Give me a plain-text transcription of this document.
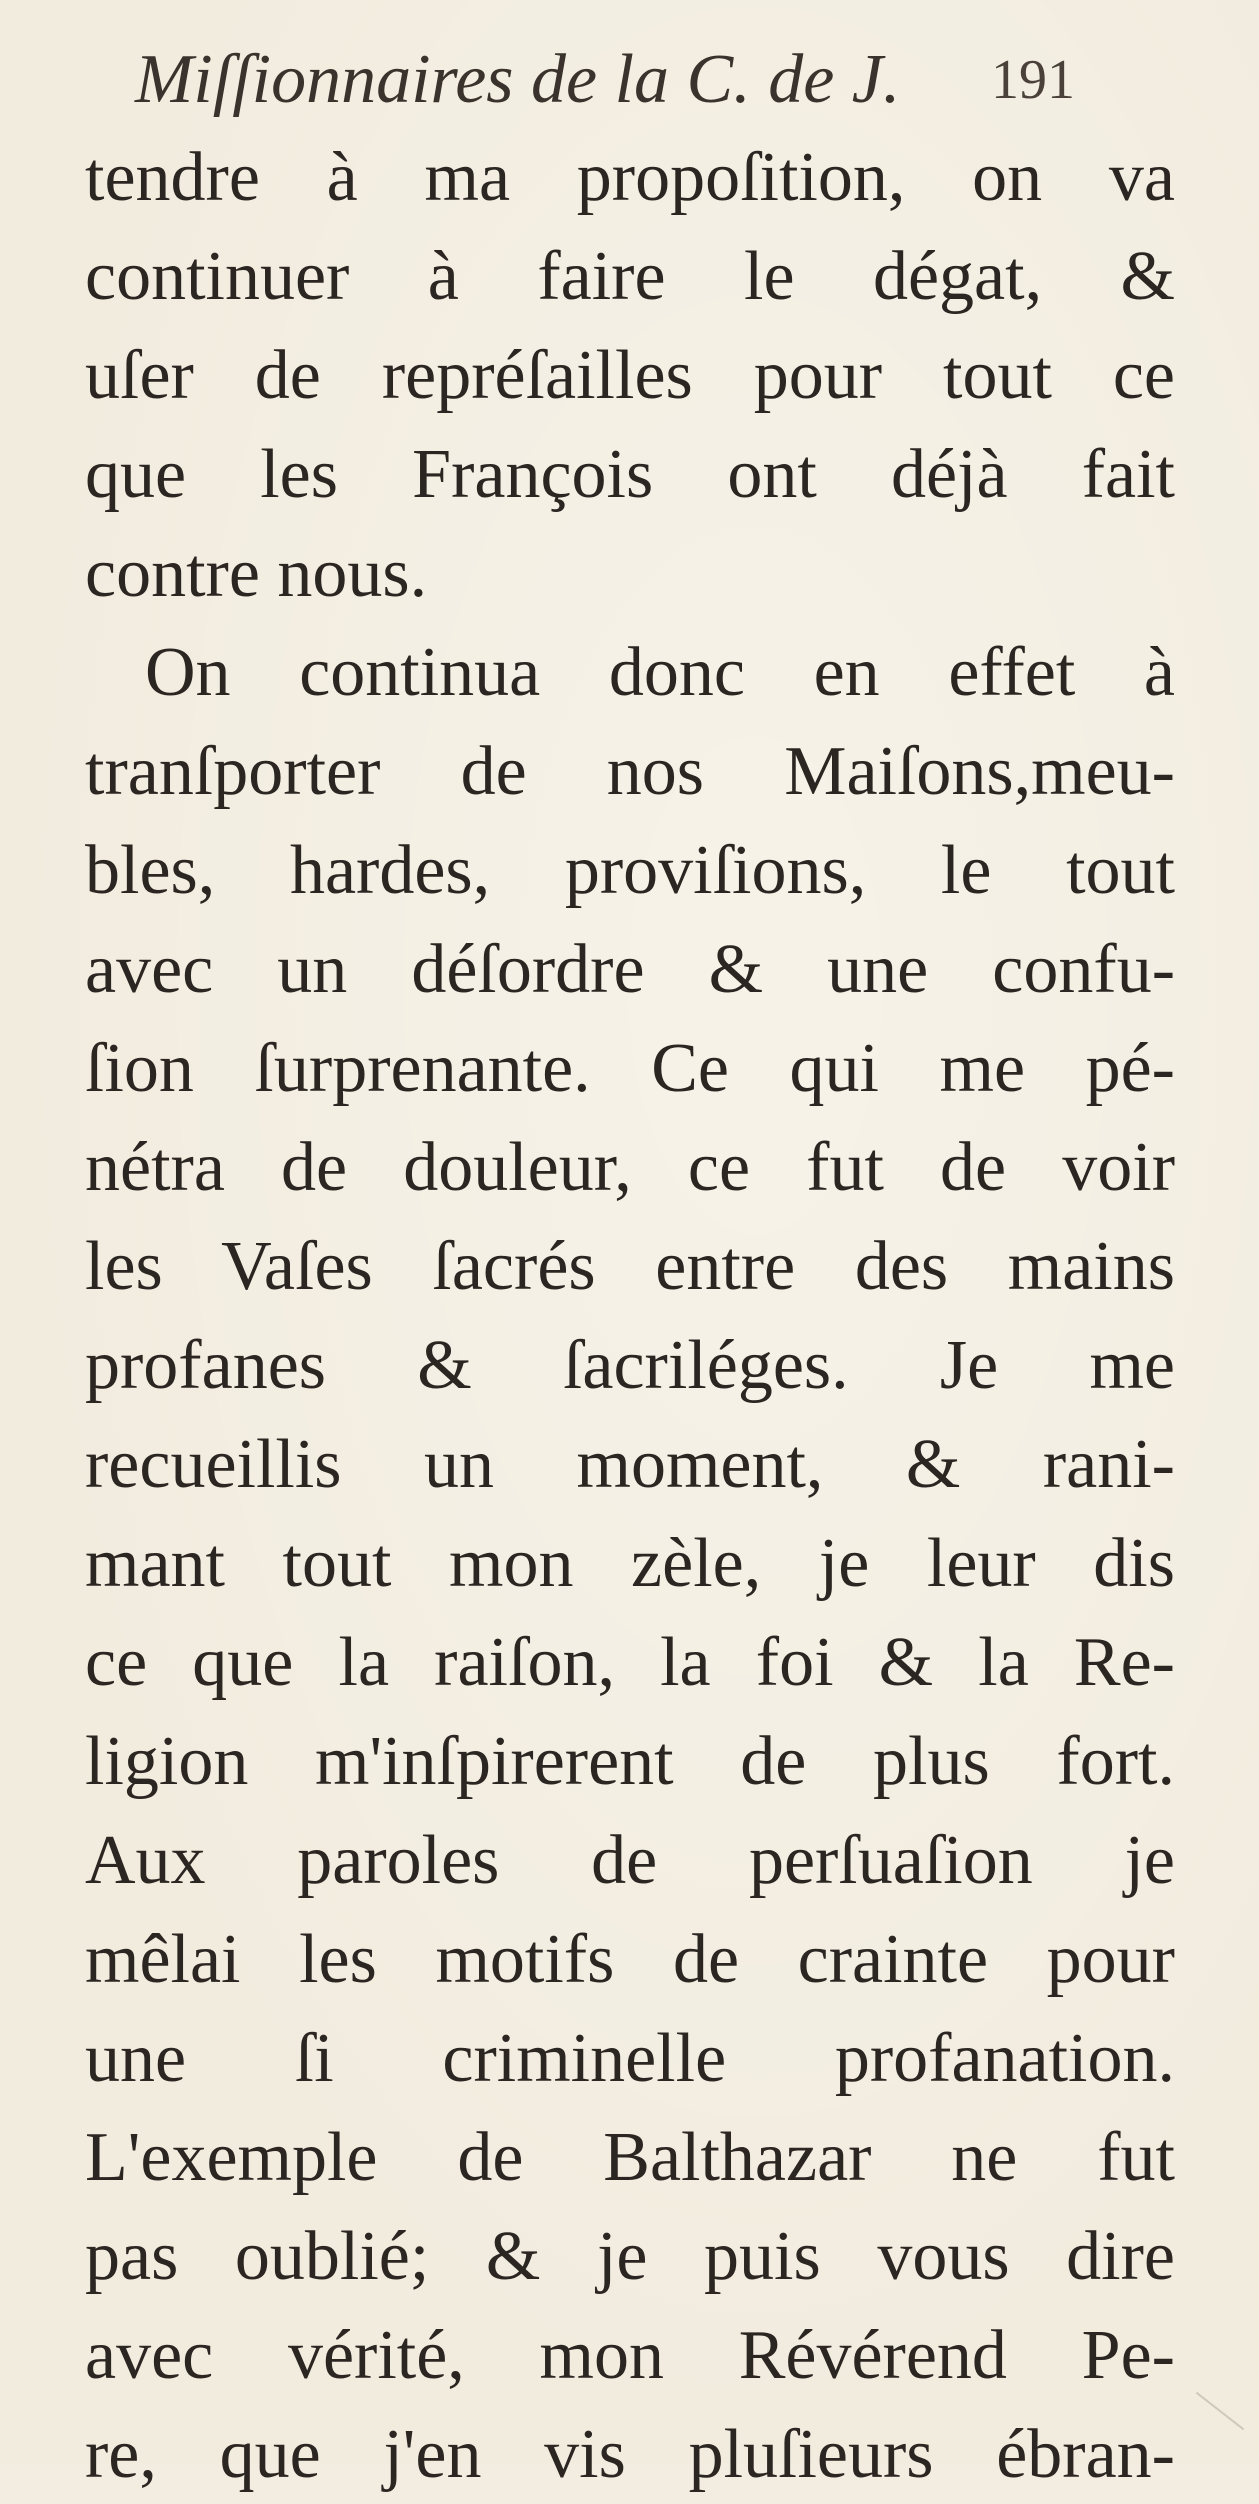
Miſſionnaires de la C. de J. 191
tendre à ma propoſition, on va
continuer à faire le dégat, &
uſer de repréſailles pour tout ce
que les François ont déjà fait
contre nous.
On continua donc en effet à
tranſporter de nos Maiſons,meu-
bles, hardes, proviſions, le tout
avec un déſordre & une confu-
ſion ſurprenante. Ce qui me pé-
nétra de douleur, ce fut de voir
les Vaſes ſacrés entre des mains
profanes & ſacriléges. Je me
recueillis un moment, & rani-
mant tout mon zèle, je leur dis
ce que la raiſon, la foi & la Re-
ligion m'inſpirerent de plus fort.
Aux paroles de perſuaſion je
mêlai les motifs de crainte pour
une ſi criminelle profanation.
L'exemple de Balthazar ne fut
pas oublié; & je puis vous dire
avec vérité, mon Révérend Pe-
re, que j'en vis pluſieurs ébran-
